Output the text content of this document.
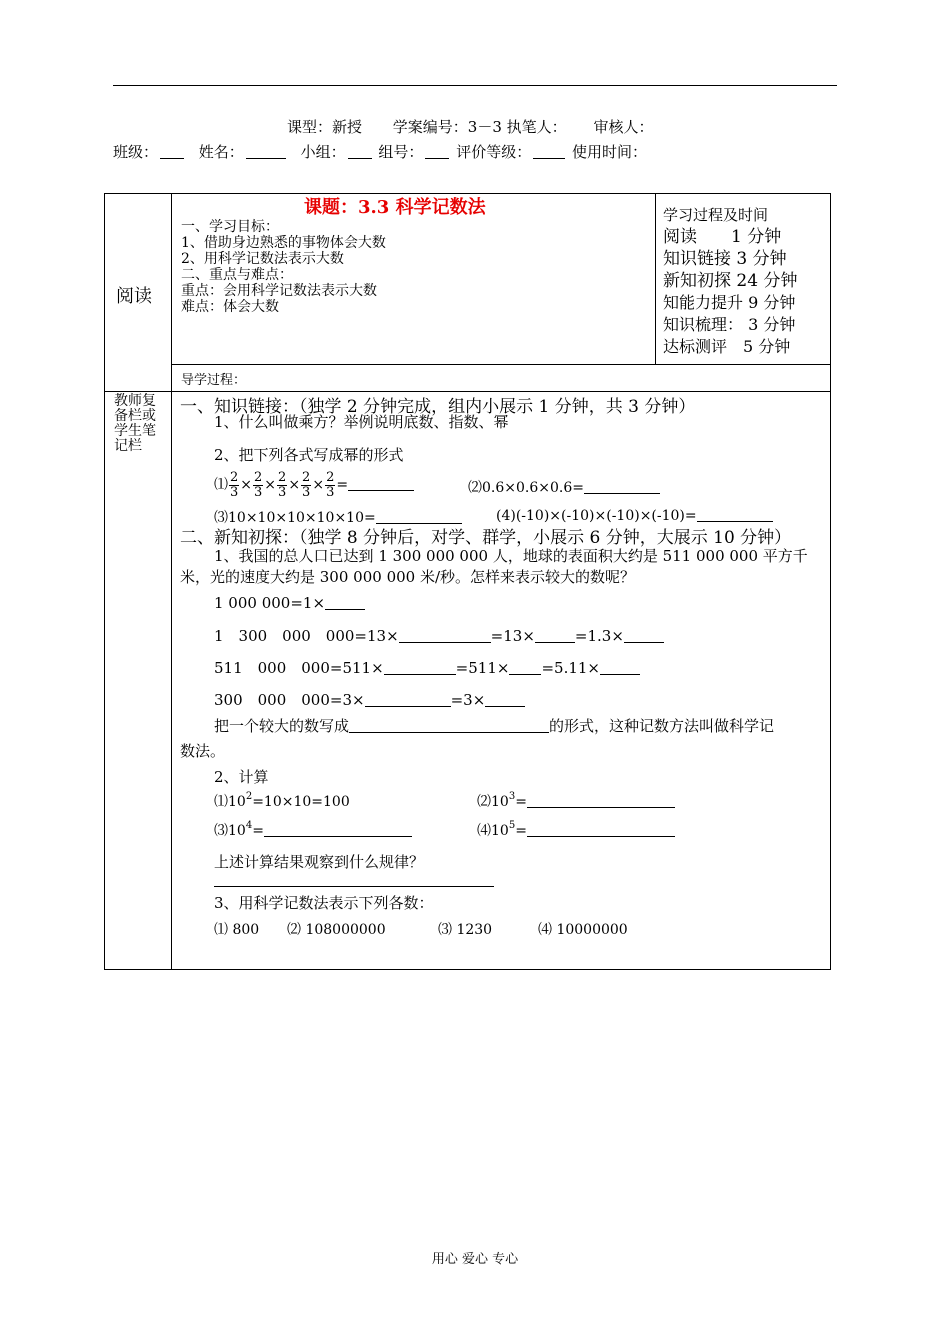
课型：新授 学案编号：3－3 执笔人： 审核人：
班级：	姓名：	小组： 组号： 评价等级：	使用时间：
阅读
课题：3.3 科学记数法
一、学习目标：
1、借助身边熟悉的事物体会大数
2、用科学记数法表示大数
二、重点与难点：
重点：会用科学记数法表示大数
难点：体会大数
学习过程及时间
阅读　　1 分钟
知识链接 3 分钟
新知初探 24 分钟
知能力提升 9 分钟
知识梳理： 3 分钟
达标测评　5 分钟
导学过程：
教师复备栏或学生笔记栏
一、知识链接：（独学 2 分钟完成，组内小展示 1 分钟，共 3 分钟）
1、什么叫做乘方？举例说明底数、指数、幂
2、把下列各式写成幂的形式
⑴ $\frac{2}{3} \times \frac{2}{3} \times \frac{2}{3} \times \frac{2}{3} \times \frac{2}{3}$ =	⑵0.6×0.6×0.6=
⑶10×10×10×10×10=	(4)(-10)×(-10)×(-10)×(-10)=
二、新知初探：（独学 8 分钟后，对学、群学，小展示 6 分钟，大展示 10 分钟）
1、我国的总人口已达到 1 300 000 000 人，地球的表面积大约是 511 000 000 平方千
米，光的速度大约是 300 000 000 米/秒。怎样来表示较大的数呢？
1 000 000=1×
1　300　000　000=13×	=13×	=1.3×
511　000　000=511×	=511× =5.11×
300　000　000=3×	=3×
把一个较大的数写成	的形式，这种记数方法叫做科学记
数法。
2、计算
$⑴10^2=10\times 10=100$	$⑵10^3=$
$⑶10^4=$	$⑷10^5=$
上述计算结果观察到什么规律？
3、用科学记数法表示下列各数：
⑴ 800 ⑵ 108000000	⑶ 1230	⑷ 10000000
用心 爱心 专心
